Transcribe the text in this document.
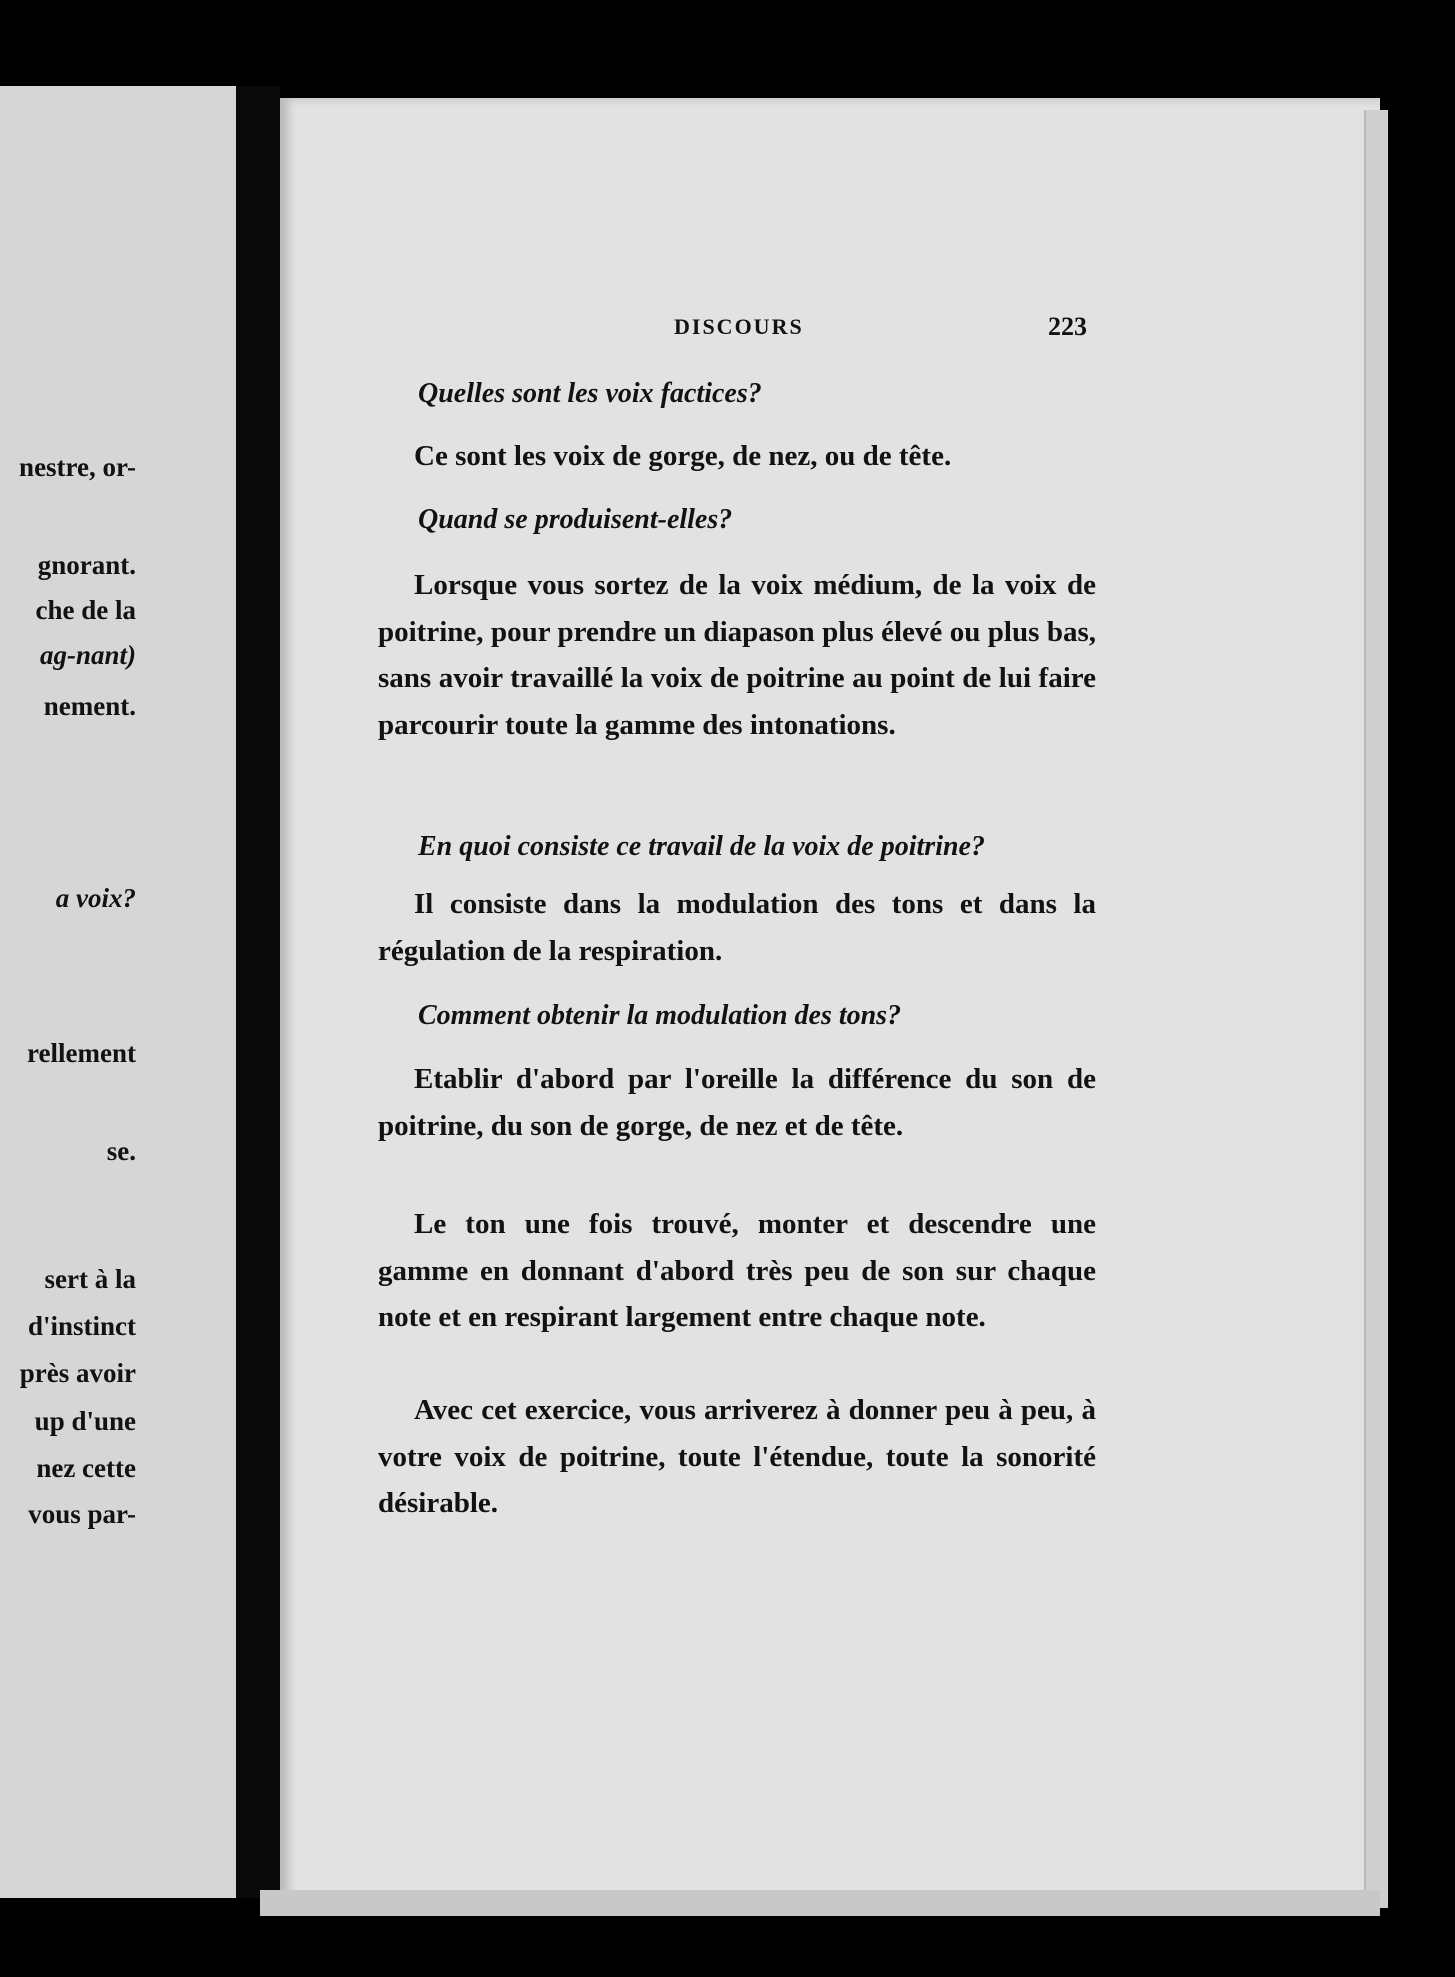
nestre, or-
gnorant.
che de la
ag-nant)
nement.
a voix?
rellement
se.
sert à la
d'instinct
près avoir
up d'une
nez cette
vous par-
DISCOURS	223
Quelles sont les voix factices?
Ce sont les voix de gorge, de nez, ou de tête.
Quand se produisent-elles?
Lorsque vous sortez de la voix médium, de la voix de poitrine, pour prendre un diapason plus élevé ou plus bas, sans avoir travaillé la voix de poitrine au point de lui faire parcourir toute la gamme des intonations.
En quoi consiste ce travail de la voix de poitrine?
Il consiste dans la modulation des tons et dans la régulation de la respiration.
Comment obtenir la modulation des tons?
Etablir d'abord par l'oreille la différence du son de poitrine, du son de gorge, de nez et de tête.
Le ton une fois trouvé, monter et descendre une gamme en donnant d'abord très peu de son sur chaque note et en respirant largement entre chaque note.
Avec cet exercice, vous arriverez à donner peu à peu, à votre voix de poitrine, toute l'étendue, toute la sonorité désirable.
